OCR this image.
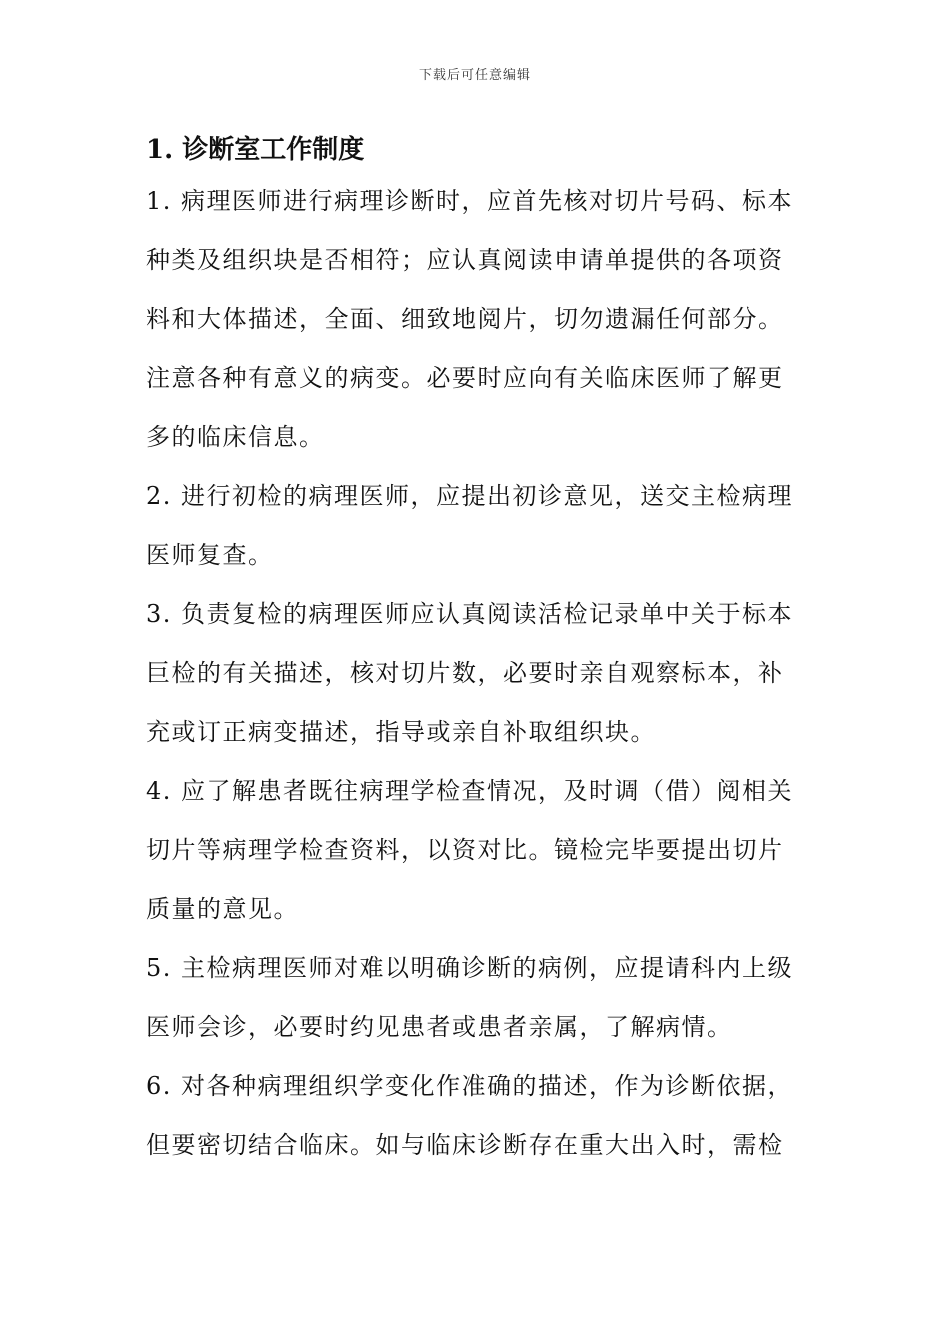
下载后可任意编辑
1. 诊断室工作制度

1. 病理医师进行病理诊断时，应首先核对切片号码、标本

种类及组织块是否相符；应认真阅读申请单提供的各项资

料和大体描述，全面、细致地阅片，切勿遗漏任何部分。

注意各种有意义的病变。必要时应向有关临床医师了解更

多的临床信息。

2. 进行初检的病理医师，应提出初诊意见，送交主检病理

医师复查。

3. 负责复检的病理医师应认真阅读活检记录单中关于标本

巨检的有关描述，核对切片数，必要时亲自观察标本，补

充或订正病变描述，指导或亲自补取组织块。

4. 应了解患者既往病理学检查情况，及时调（借）阅相关

切片等病理学检查资料，以资对比。镜检完毕要提出切片

质量的意见。

5. 主检病理医师对难以明确诊断的病例，应提请科内上级

医师会诊，必要时约见患者或患者亲属，了解病情。

6. 对各种病理组织学变化作准确的描述，作为诊断依据，

但要密切结合临床。如与临床诊断存在重大出入时，需检
